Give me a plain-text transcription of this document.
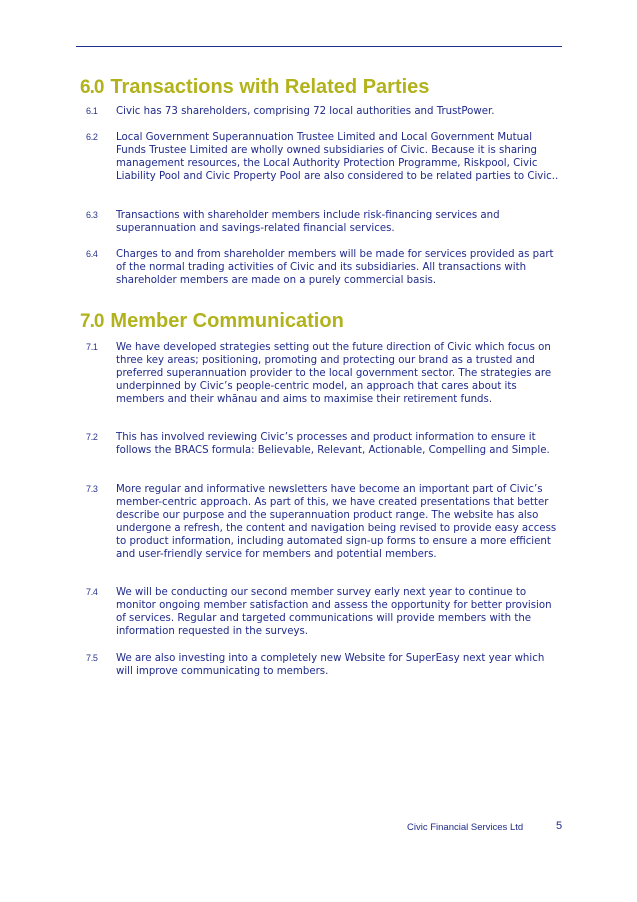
6.0 Transactions with Related Parties
6.1 Civic has 73 shareholders, comprising 72 local authorities and TrustPower.

6.2 Local Government Superannuation Trustee Limited and Local Government Mutual Funds Trustee Limited are wholly owned subsidiaries of Civic. Because it is sharing management resources, the Local Authority Protection Programme, Riskpool, Civic Liability Pool and Civic Property Pool are also considered to be related parties to Civic..

6.3 Transactions with shareholder members include risk-financing services and superannuation and savings-related financial services.

6.4 Charges to and from shareholder members will be made for services provided as part of the normal trading activities of Civic and its subsidiaries. All transactions with shareholder members are made on a purely commercial basis.

7.0 Member Communication
7.1 We have developed strategies setting out the future direction of Civic which focus on three key areas; positioning, promoting and protecting our brand as a trusted and preferred superannuation provider to the local government sector. The strategies are underpinned by Civic’s people-centric model, an approach that cares about its members and their whānau and aims to maximise their retirement funds.

7.2 This has involved reviewing Civic’s processes and product information to ensure it follows the BRACS formula: Believable, Relevant, Actionable, Compelling and Simple.

7.3 More regular and informative newsletters have become an important part of Civic’s member-centric approach. As part of this, we have created presentations that better describe our purpose and the superannuation product range. The website has also undergone a refresh, the content and navigation being revised to provide easy access to product information, including automated sign-up forms to ensure a more efficient and user-friendly service for members and potential members.

7.4 We will be conducting our second member survey early next year to continue to monitor ongoing member satisfaction and assess the opportunity for better provision of services. Regular and targeted communications will provide members with the information requested in the surveys.

7.5 We are also investing into a completely new Website for SuperEasy next year which will improve communicating to members.

Civic Financial Services Ltd	5
